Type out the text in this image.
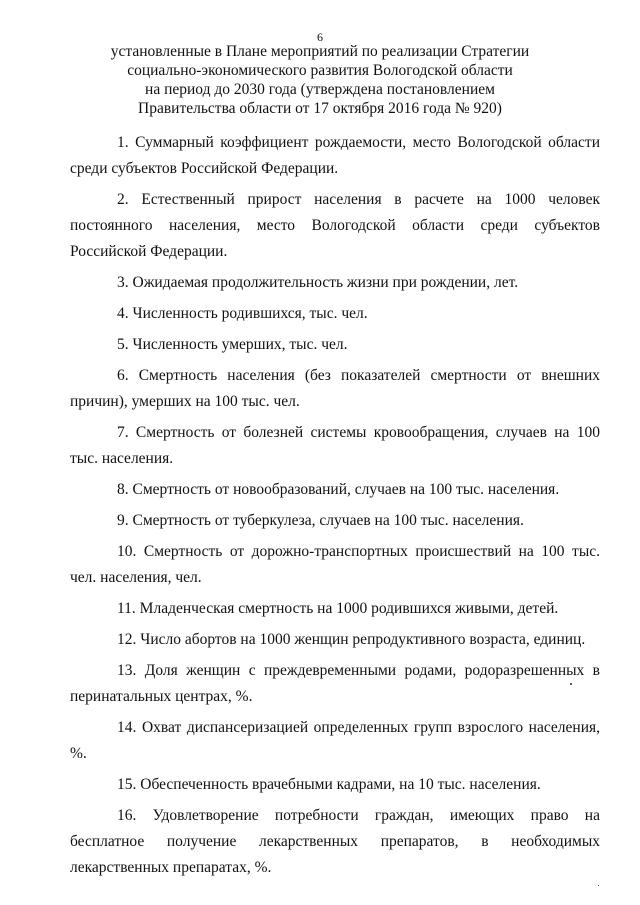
6
установленные в Плане мероприятий по реализации Стратегии
социально-экономического развития Вологодской области
на период до 2030 года (утверждена постановлением
Правительства области от 17 октября 2016 года № 920)

1. Суммарный коэффициент рождаемости, место Вологодской области среди субъектов Российской Федерации.

2. Естественный прирост населения в расчете на 1000 человек постоянного населения, место Вологодской области среди субъектов Российской Федерации.

3. Ожидаемая продолжительность жизни при рождении, лет.

4. Численность родившихся, тыс. чел.

5. Численность умерших, тыс. чел.

6. Смертность населения (без показателей смертности от внешних причин), умерших на 100 тыс. чел.

7. Смертность от болезней системы кровообращения, случаев на 100 тыс. населения.

8. Смертность от новообразований, случаев на 100 тыс. населения.

9. Смертность от туберкулеза, случаев на 100 тыс. населения.

10. Смертность от дорожно-транспортных происшествий на 100 тыс. чел. населения, чел.

11. Младенческая смертность на 1000 родившихся живыми, детей.

12. Число абортов на 1000 женщин репродуктивного возраста, единиц.

13. Доля женщин с преждевременными родами, родоразрешенных в перинатальных центрах, %.

14. Охват диспансеризацией определенных групп взрослого населения, %.

15. Обеспеченность врачебными кадрами, на 10 тыс. населения.

16. Удовлетворение потребности граждан, имеющих право на бесплатное получение лекарственных препаратов, в необходимых лекарственных препаратах, %.
